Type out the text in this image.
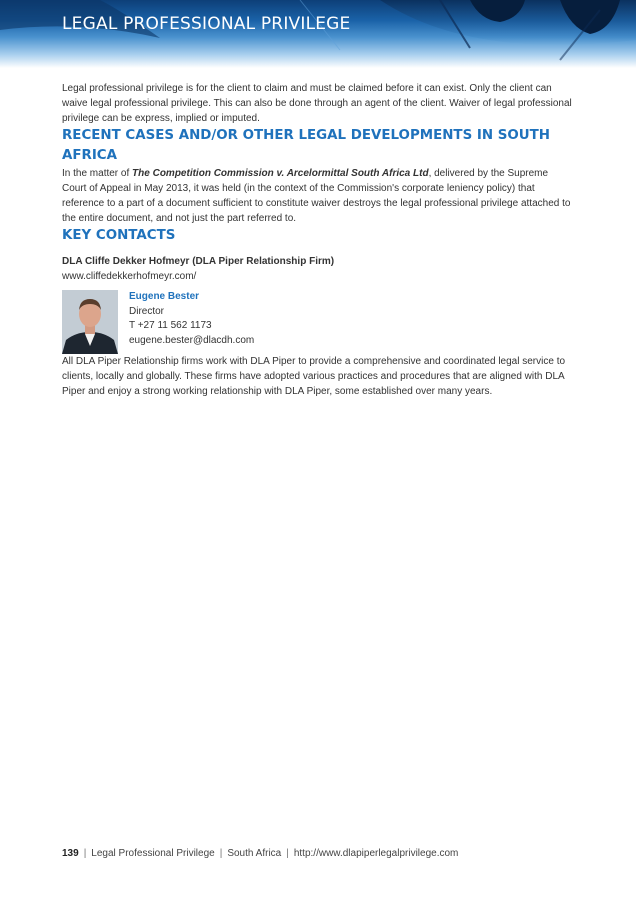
LEGAL PROFESSIONAL PRIVILEGE

Legal professional privilege is for the client to claim and must be claimed before it can exist. Only the client can waive legal professional privilege. This can also be done through an agent of the client. Waiver of legal professional privilege can be express, implied or imputed.

RECENT CASES AND/OR OTHER LEGAL DEVELOPMENTS IN SOUTH AFRICA

In the matter of The Competition Commission v. Arcelormittal South Africa Ltd, delivered by the Supreme Court of Appeal in May 2013, it was held (in the context of the Commission's corporate leniency policy) that reference to a part of a document sufficient to constitute waiver destroys the legal professional privilege attached to the entire document, and not just the part referred to.

KEY CONTACTS
DLA Cliffe Dekker Hofmeyr (DLA Piper Relationship Firm)
www.cliffedekkerhofmeyr.com/
Eugene Bester
Director
T +27 11 562 1173
eugene.bester@dlacdh.com

All DLA Piper Relationship firms work with DLA Piper to provide a comprehensive and coordinated legal service to clients, locally and globally. These firms have adopted various practices and procedures that are aligned with DLA Piper and enjoy a strong working relationship with DLA Piper, some established over many years.

139 | Legal Professional Privilege | South Africa | http://www.dlapiperlegalprivilege.com
